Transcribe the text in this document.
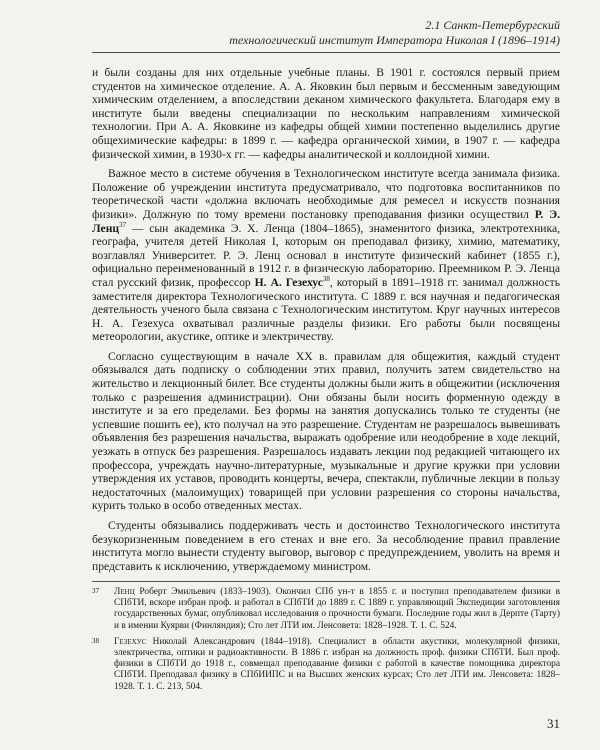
2.1 Санкт-Петербургский
технологический институт Императора Николая I (1896–1914)

и были созданы для них отдельные учебные планы. В 1901 г. состоялся первый прием студентов на химическое отделение. А. А. Яковкин был первым и бессменным заведующим химическим отделением, а впоследствии деканом химического факультета. Благодаря ему в институте были введены специализации по нескольким направлениям химической технологии. При А. А. Яковкине из кафедры общей химии постепенно выделились другие общехимические кафедры: в 1899 г. — кафедра органической химии, в 1907 г. — кафедра физической химии, в 1930-х гг. — кафедры аналитической и коллоидной химии.

Важное место в системе обучения в Технологическом институте всегда занимала физика. Положение об учреждении института предусматривало, что подготовка воспитанников по теоретической части «должна включать необходимые для ремесел и искусств познания физики». Должную по тому времени постановку преподавания физики осуществил Р. Э. Ленц$^{37}$ — сын академика Э. Х. Ленца (1804–1865), знаменитого физика, электротехника, географа, учителя детей Николая I, которым он преподавал физику, химию, математику, возглавлял Университет. Р. Э. Ленц основал в институте физический кабинет (1855 г.), официально переименованный в 1912 г. в физическую лабораторию. Преемником Р. Э. Ленца стал русский физик, профессор Н. А. Гезехус$^{38}$, который в 1891–1918 гг. занимал должность заместителя директора Технологического института. С 1889 г. вся научная и педагогическая деятельность ученого была связана с Технологическим институтом. Круг научных интересов Н. А. Гезехуса охватывал различные разделы физики. Его работы были посвящены метеорологии, акустике, оптике и электричеству.

Согласно существующим в начале XX в. правилам для общежития, каждый студент обязывался дать подписку о соблюдении этих правил, получить затем свидетельство на жительство и лекционный билет. Все студенты должны были жить в общежитии (исключения только с разрешения администрации). Они обязаны были носить форменную одежду в институте и за его пределами. Без формы на занятия допускались только те студенты (не успевшие пошить ее), кто получал на это разрешение. Студентам не разрешалось вывешивать объявления без разрешения начальства, выражать одобрение или неодобрение в ходе лекций, уезжать в отпуск без разрешения. Разрешалось издавать лекции под редакцией читающего их профессора, учреждать научно-литературные, музыкальные и другие кружки при условии утверждения их уставов, проводить концерты, вечера, спектакли, публичные лекции в пользу недостаточных (малоимущих) товарищей при условии разрешения со стороны начальства, курить только в особо отведенных местах.

Студенты обязывались поддерживать честь и достоинство Технологического института безукоризненным поведением в его стенах и вне его. За несоблюдение правил правление института могло вынести студенту выговор, выговор с предупреждением, уволить на время и представить к исключению, утверждаемому министром.

37 Ленц Роберт Эмильевич (1833–1903). Окончил СПб ун-т в 1855 г. и поступил преподавателем физики в СПбТИ, вскоре избран проф. и работал в СПбТИ до 1889 г. С 1889 г. управляющий Экспедиции заготовления государственных бумаг, опубликовал исследования о прочности бумаги. Последние годы жил в Дерпте (Тарту) и в имении Куярви (Финляндия); Сто лет ЛТИ им. Ленсовета: 1828–1928. Т. 1. С. 524.
38 Гезехус Николай Александрович (1844–1918). Специалист в области акустики, молекулярной физики, электричества, оптики и радиоактивности. В 1886 г. избран на должность проф. физики СПбТИ. Был проф. физики в СПбТИ до 1918 г., совмещал преподавание физики с работой в качестве помощника директора СПбТИ. Преподавал физику в СПбИИПС и на Высших женских курсах; Сто лет ЛТИ им. Ленсовета: 1828–1928. Т. 1. С. 213, 504.
31
